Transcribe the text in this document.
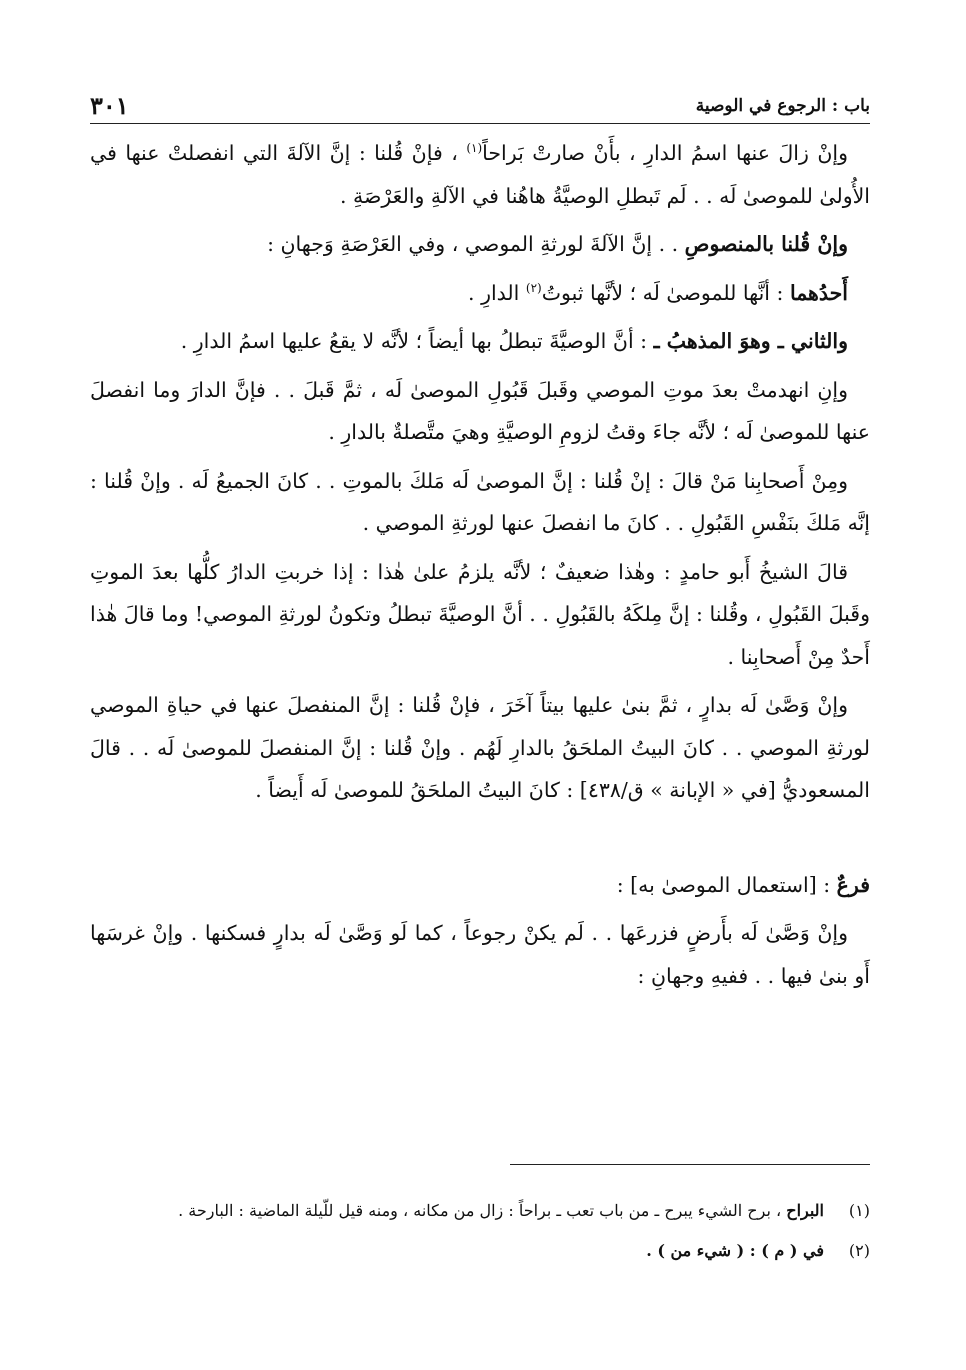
باب : الرجوع في الوصية
٣٠١

وإنْ زالَ عنها اسمُ الدارِ ، بأَنْ صارتْ بَراحاً$^{(١)}$ ، فإنْ قُلنا : إنَّ الآلةَ التي انفصلتْ عنها في الأُولىٰ للموصىٰ لَه . . لَم تَبطلِ الوصيَّةُ هاهُنا في الآلةِ والعَرْصَةِ .

وإنْ قُلنا بالمنصوصِ . . إنَّ الآلةَ لورثةِ الموصي ، وفي العَرْصَةِ وَجهانِ :

أَحدُهما : أنَّها للموصىٰ لَه ؛ لأنَّها ثبوتُ$^{(٢)}$ الدارِ .

والثاني ـ وهوَ المذهبُ ـ : أنَّ الوصيَّةَ تبطلُ بها أيضاً ؛ لأنَّه لا يقعُ عليها اسمُ الدارِ .

وإنِ انهدمتْ بعدَ موتِ الموصي وقَبلَ قَبُولِ الموصىٰ لَه ، ثمَّ قَبلَ . . فإنَّ الدارَ وما انفصلَ عنها للموصىٰ لَه ؛ لأنَّه جاءَ وقتُ لزومِ الوصيَّةِ وهيَ متَّصلةٌ بالدارِ .

ومِنْ أَصحابِنا مَنْ قالَ : إنْ قُلنا : إنَّ الموصىٰ لَه مَلكَ بالموتِ . . كانَ الجميعُ لَه . وإنْ قُلنا : إنَّه مَلكَ بنَفْسِ القَبُولِ . . كانَ ما انفصلَ عنها لورثةِ الموصي .

قالَ الشيخُ أَبو حامدٍ : وهٰذا ضعيفٌ ؛ لأنَّه يلزمُ علىٰ هٰذا : إذا خربتِ الدارُ كلُّها بعدَ الموتِ وقَبلَ القَبُولِ ، وقُلنا : إنَّ مِلكَهُ بالقَبُولِ . . أنَّ الوصيَّةَ تبطلُ وتكونُ لورثةِ الموصي! وما قالَ هٰذا أَحدٌ مِنْ أَصحابِنا .

وإنْ وَصَّىٰ لَه بدارٍ ، ثمَّ بنىٰ عليها بيتاً آخَرَ ، فإنْ قُلنا : إنَّ المنفصلَ عنها في حياةِ الموصي لورثةِ الموصي . . كانَ البيتُ الملحَقُ بالدارِ لَهُم . وإنْ قُلنا : إنَّ المنفصلَ للموصىٰ لَه . . قالَ المسعوديُّ [في « الإبانة » ق/٤٣٨] : كانَ البيتُ الملحَقُ للموصىٰ لَه أَيضاً .

فرعٌ : [استعمال الموصىٰ به] :

وإنْ وَصَّىٰ لَه بأَرضٍ فزرعَها . . لَم يكنْ رجوعاً ، كما لَو وَصَّىٰ لَه بدارٍ فسكنها . وإنْ غرسَها أَو بنىٰ فيها . . ففيهِ وجهانِ :

(١)
البراح ، برح الشيء يبرح ـ من باب تعب ـ براحاً : زال من مكانه ، ومنه قيل للّيلة الماضية : البارحة .
(٢)
في ( م ) : ( شيء من ) .
